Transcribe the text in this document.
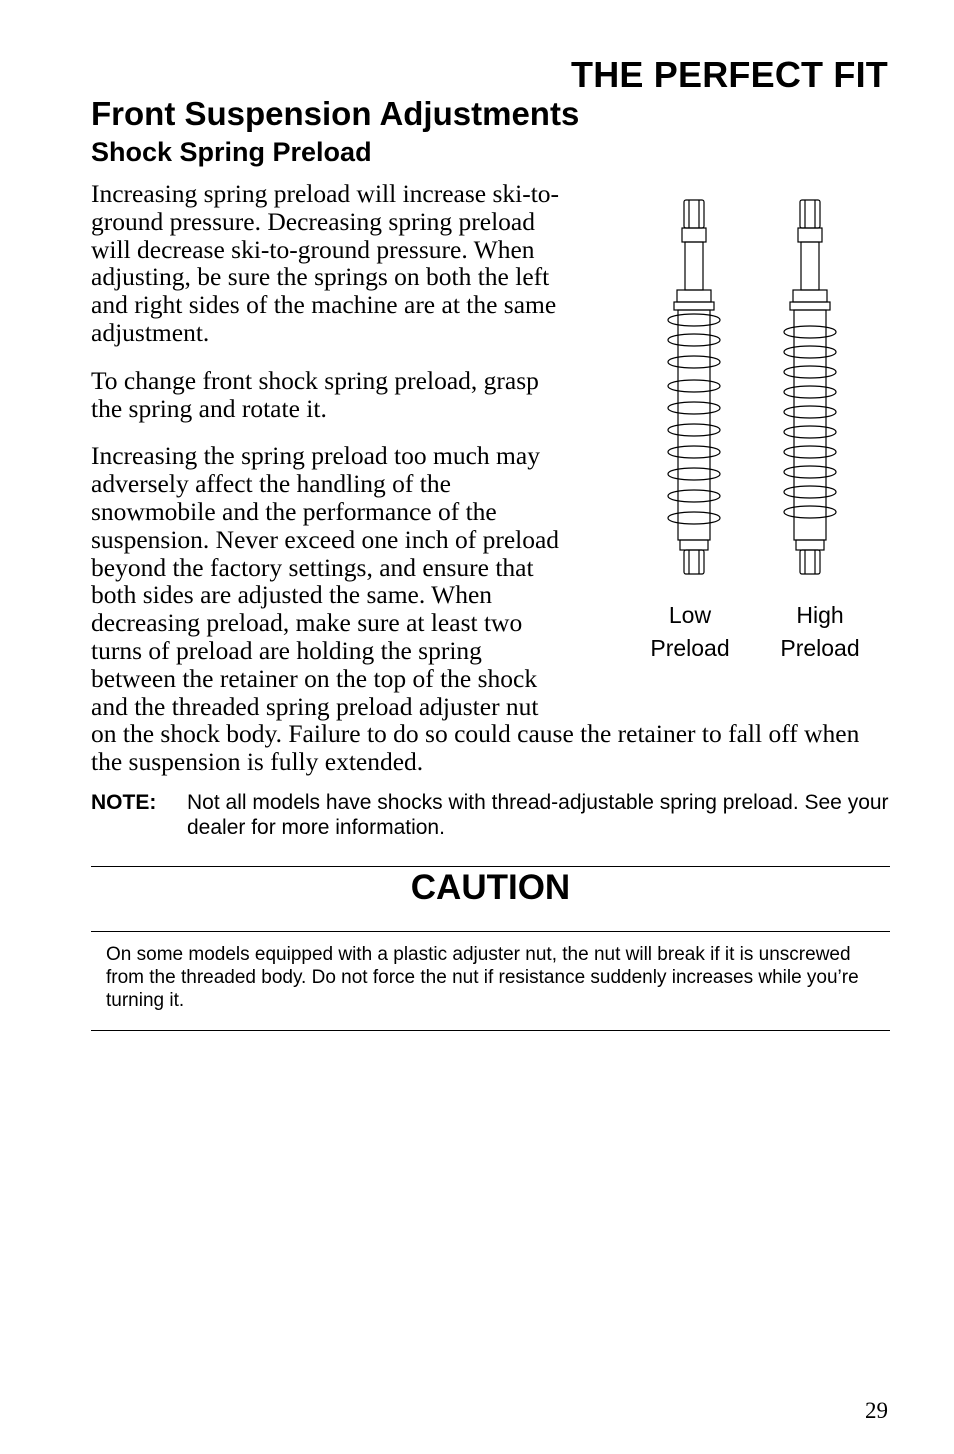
THE PERFECT FIT
Front Suspension Adjustments
Shock Spring Preload

Increasing spring preload will increase ski-to-ground pressure. Decreasing spring preload will decrease ski-to-ground pressure. When adjusting, be sure the springs on both the left and right sides of the machine are at the same adjustment.

To change front shock spring preload, grasp the spring and rotate it.

Increasing the spring preload too much may adversely affect the handling of the snowmobile and the performance of the suspension. Never exceed one inch of preload beyond the factory settings, and ensure that both sides are adjusted the same. When decreasing preload, make sure at least two turns of preload are holding the spring between the retainer on the top of the shock and the threaded spring preload adjuster nut on the shock body. Failure to do so could cause the retainer to fall off when the suspension is fully extended.

Low
Preload
High
Preload
NOTE:	Not all models have shocks with thread-adjustable spring preload. See your dealer for more information.
CAUTION
On some models equipped with a plastic adjuster nut, the nut will break if it is unscrewed from the threaded body. Do not force the nut if resistance suddenly increases while you’re turning it.
29
